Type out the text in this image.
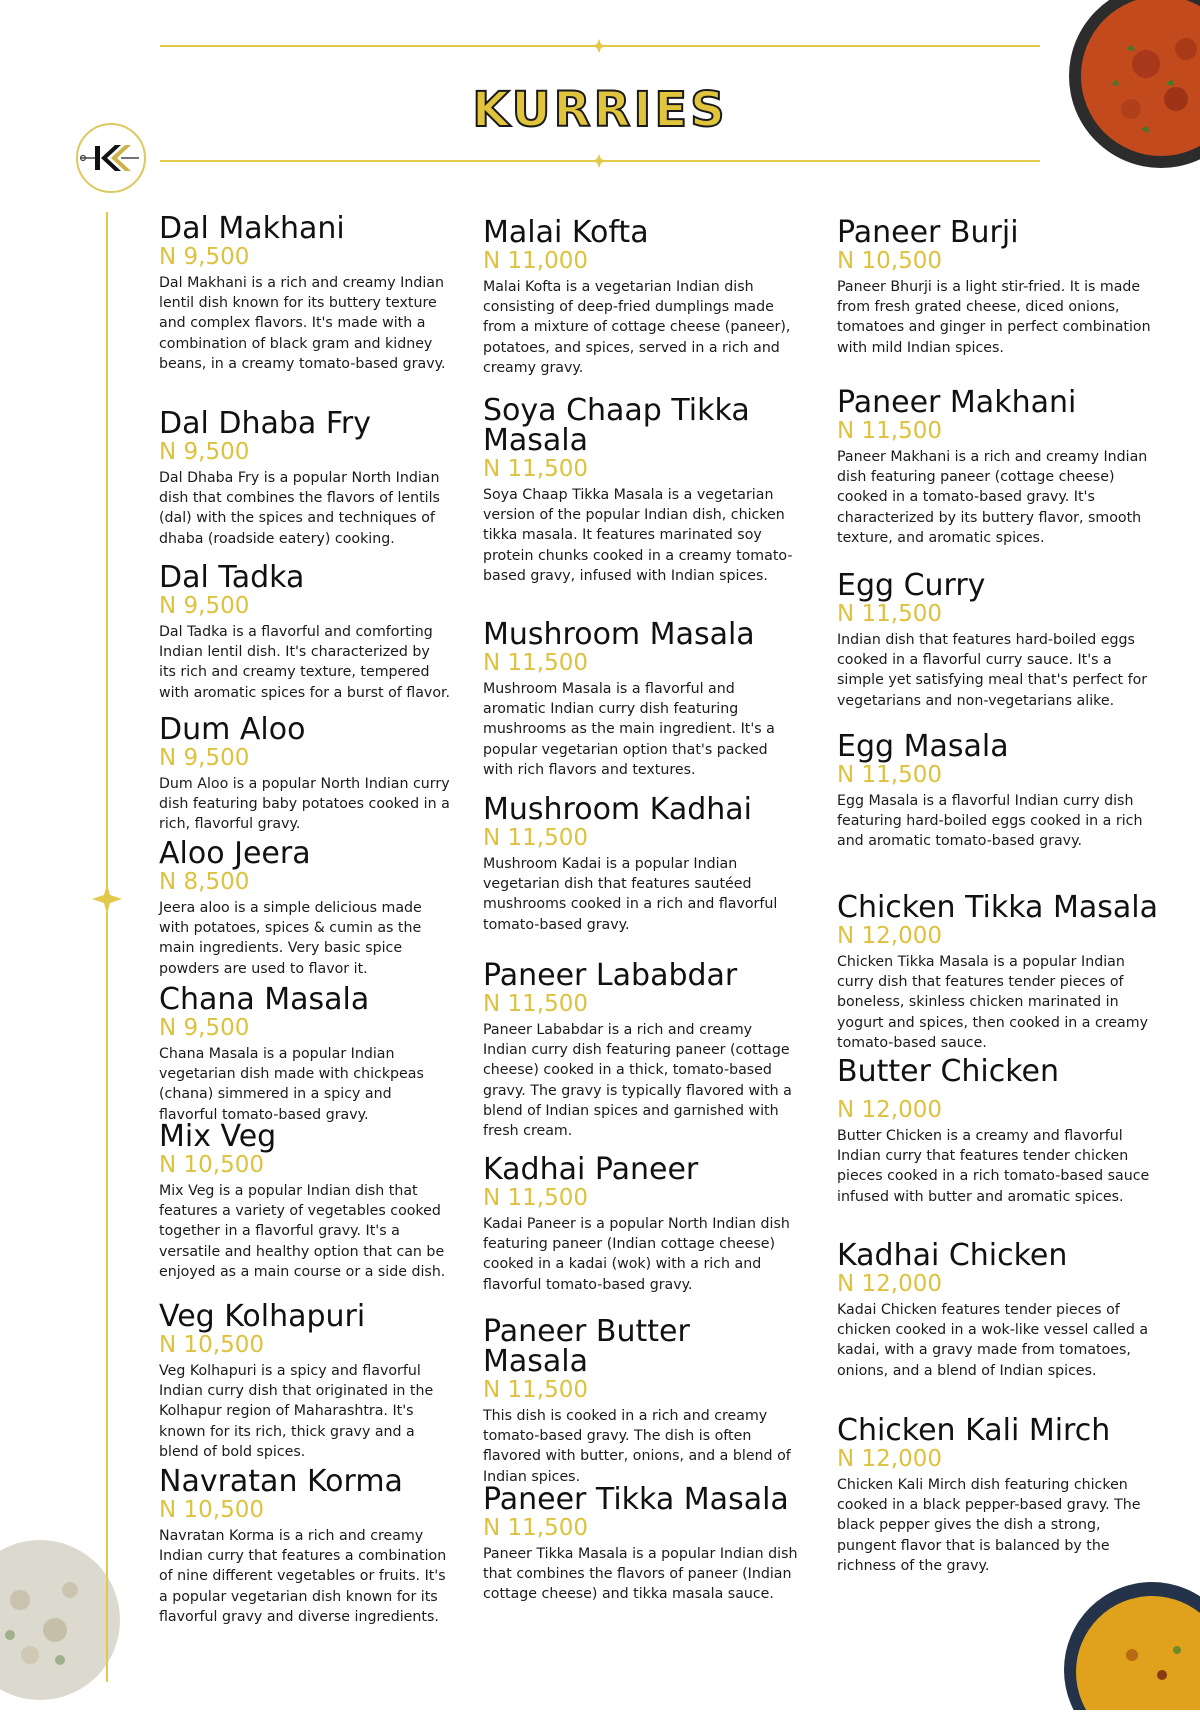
KURRIES
Dal Makhani
N 9,500

Dal Makhani is a rich and creamy Indian lentil dish known for its buttery texture and complex flavors. It's made with a combination of black gram and kidney beans, in a creamy tomato-based gravy.

Dal Dhaba Fry
N 9,500

Dal Dhaba Fry is a popular North Indian dish that combines the flavors of lentils (dal) with the spices and techniques of dhaba (roadside eatery) cooking.

Dal Tadka
N 9,500

Dal Tadka is a flavorful and comforting Indian lentil dish. It's characterized by its rich and creamy texture, tempered with aromatic spices for a burst of flavor.

Dum Aloo
N 9,500

Dum Aloo is a popular North Indian curry dish featuring baby potatoes cooked in a rich, flavorful gravy.

Aloo Jeera
N 8,500

Jeera aloo is a simple delicious made with potatoes, spices & cumin as the main ingredients. Very basic spice powders are used to flavor it.

Chana Masala
N 9,500

Chana Masala is a popular Indian vegetarian dish made with chickpeas (chana) simmered in a spicy and flavorful tomato-based gravy.

Mix Veg
N 10,500

Mix Veg is a popular Indian dish that features a variety of vegetables cooked together in a flavorful gravy. It's a versatile and healthy option that can be enjoyed as a main course or a side dish.

Veg Kolhapuri
N 10,500

Veg Kolhapuri is a spicy and flavorful Indian curry dish that originated in the Kolhapur region of Maharashtra. It's known for its rich, thick gravy and a blend of bold spices.

Navratan Korma
N 10,500

Navratan Korma is a rich and creamy Indian curry that features a combination of nine different vegetables or fruits. It's a popular vegetarian dish known for its flavorful gravy and diverse ingredients.

Malai Kofta
N 11,000

Malai Kofta is a vegetarian Indian dish consisting of deep-fried dumplings made from a mixture of cottage cheese (paneer), potatoes, and spices, served in a rich and creamy gravy.

Soya Chaap Tikka Masala
N 11,500

Soya Chaap Tikka Masala is a vegetarian version of the popular Indian dish, chicken tikka masala. It features marinated soy protein chunks cooked in a creamy tomato-based gravy, infused with Indian spices.

Mushroom Masala
N 11,500

Mushroom Masala is a flavorful and aromatic Indian curry dish featuring mushrooms as the main ingredient. It's a popular vegetarian option that's packed with rich flavors and textures.

Mushroom Kadhai
N 11,500

Mushroom Kadai is a popular Indian vegetarian dish that features sautéed mushrooms cooked in a rich and flavorful tomato-based gravy.

Paneer Lababdar
N 11,500

Paneer Lababdar is a rich and creamy Indian curry dish featuring paneer (cottage cheese) cooked in a thick, tomato-based gravy. The gravy is typically flavored with a blend of Indian spices and garnished with fresh cream.

Kadhai Paneer
N 11,500

Kadai Paneer is a popular North Indian dish featuring paneer (Indian cottage cheese) cooked in a kadai (wok) with a rich and flavorful tomato-based gravy.

Paneer Butter Masala
N 11,500

This dish is cooked in a rich and creamy tomato-based gravy. The dish is often flavored with butter, onions, and a blend of Indian spices.

Paneer Tikka Masala
N 11,500

Paneer Tikka Masala is a popular Indian dish that combines the flavors of paneer (Indian cottage cheese) and tikka masala sauce.

Paneer Burji
N 10,500

Paneer Bhurji is a light stir-fried. It is made from fresh grated cheese, diced onions, tomatoes and ginger in perfect combination with mild Indian spices.

Paneer Makhani
N 11,500

Paneer Makhani is a rich and creamy Indian dish featuring paneer (cottage cheese) cooked in a tomato-based gravy. It's characterized by its buttery flavor, smooth texture, and aromatic spices.

Egg Curry
N 11,500

Indian dish that features hard-boiled eggs cooked in a flavorful curry sauce. It's a simple yet satisfying meal that's perfect for vegetarians and non-vegetarians alike.

Egg Masala
N 11,500

Egg Masala is a flavorful Indian curry dish featuring hard-boiled eggs cooked in a rich and aromatic tomato-based gravy.

Chicken Tikka Masala
N 12,000

Chicken Tikka Masala is a popular Indian curry dish that features tender pieces of boneless, skinless chicken marinated in yogurt and spices, then cooked in a creamy tomato-based sauce.

Butter Chicken
N 12,000

Butter Chicken is a creamy and flavorful Indian curry that features tender chicken pieces cooked in a rich tomato-based sauce infused with butter and aromatic spices.

Kadhai Chicken
N 12,000

Kadai Chicken features tender pieces of chicken cooked in a wok-like vessel called a kadai, with a gravy made from tomatoes, onions, and a blend of Indian spices.

Chicken Kali Mirch
N 12,000

Chicken Kali Mirch dish featuring chicken cooked in a black pepper-based gravy. The black pepper gives the dish a strong, pungent flavor that is balanced by the richness of the gravy.
